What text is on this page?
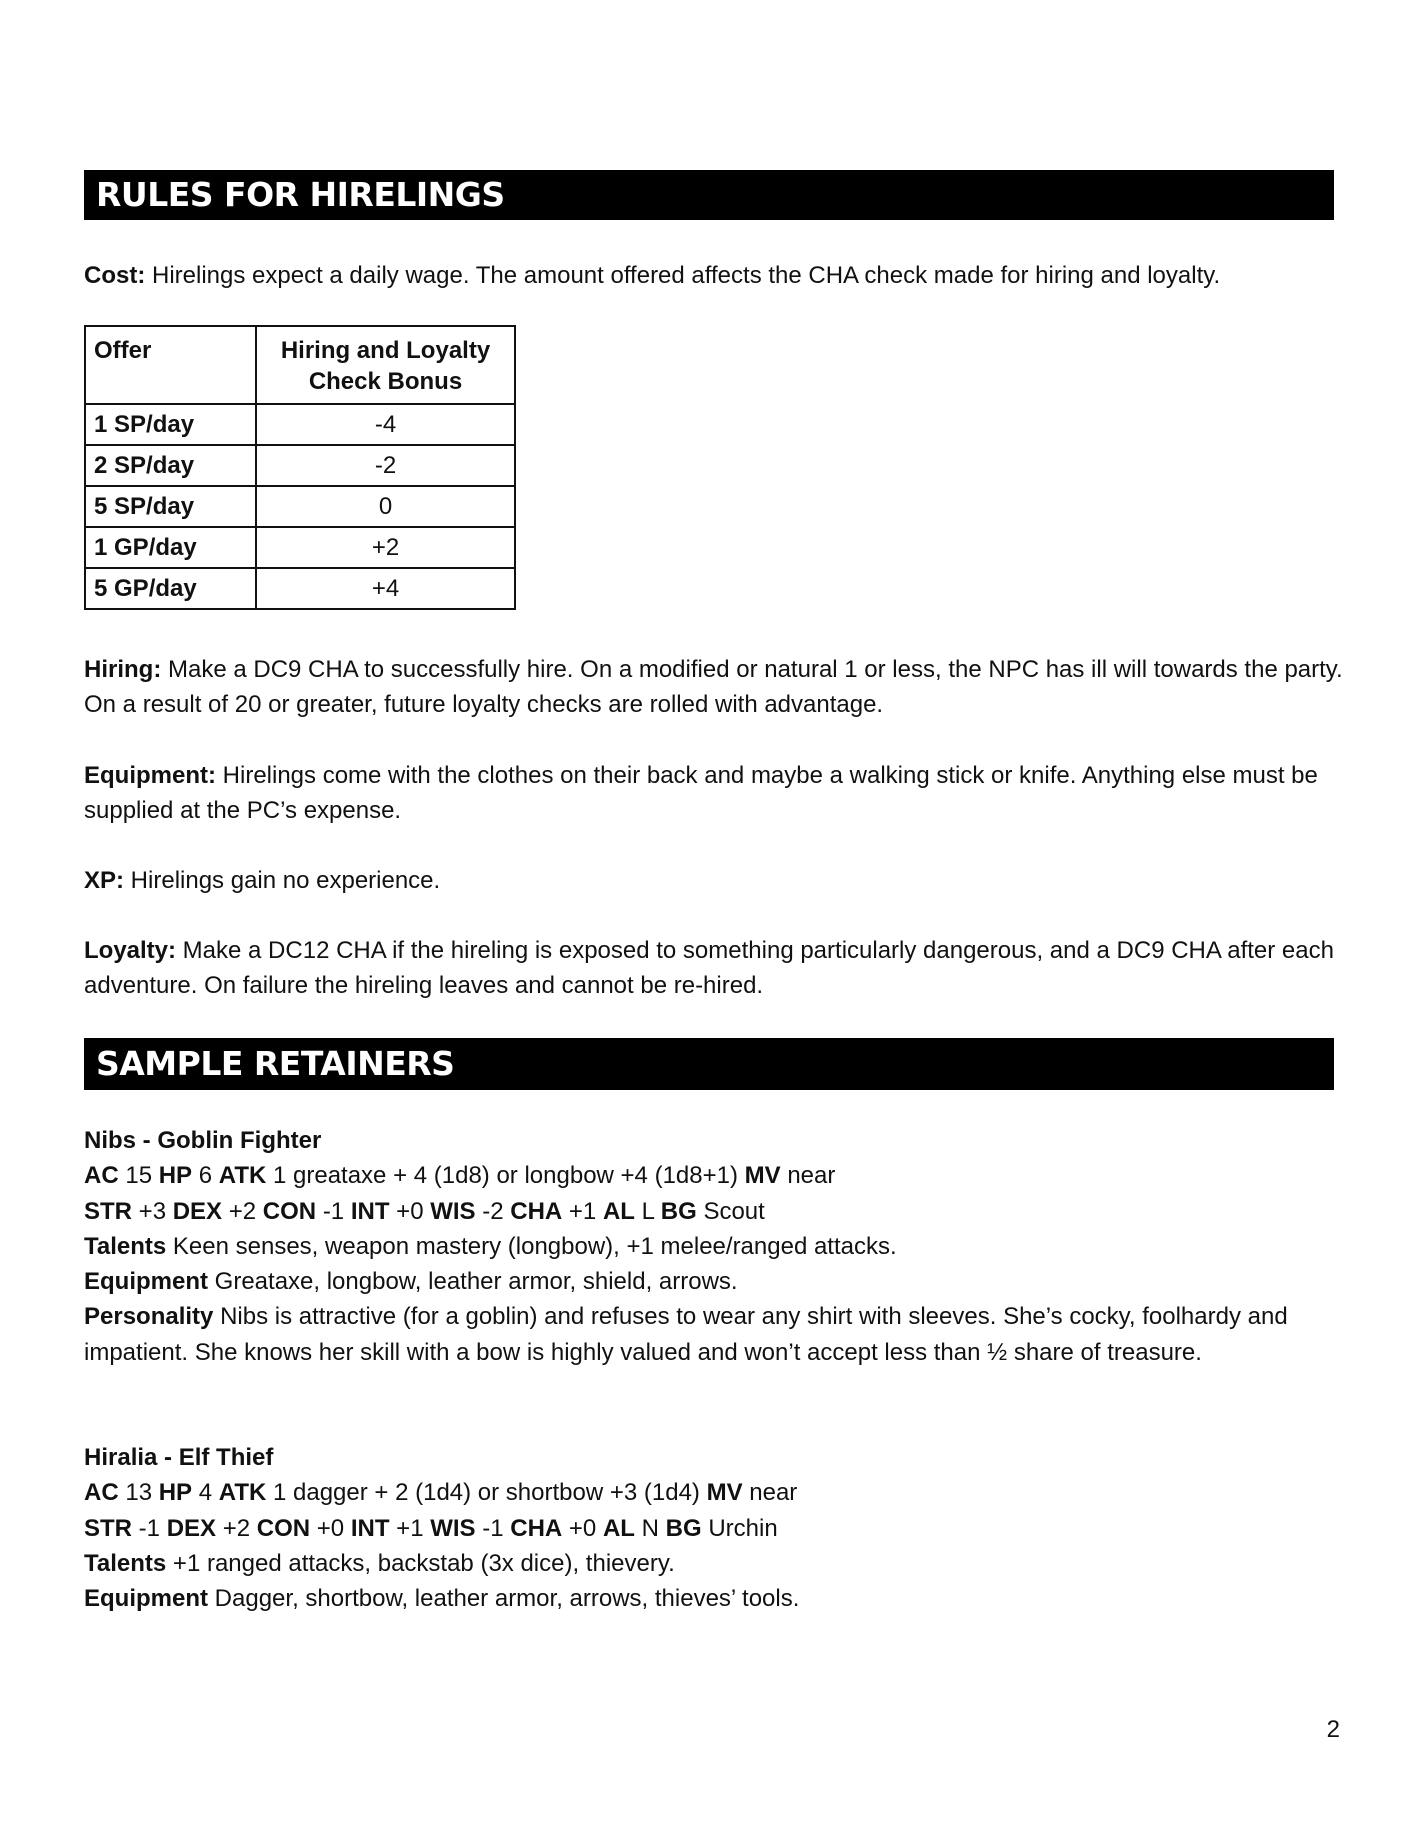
RULES FOR HIRELINGS

Cost: Hirelings expect a daily wage. The amount offered affects the CHA check made for hiring and loyalty.

Offer	Hiring and Loyalty Check Bonus
1 SP/day	-4
2 SP/day	-2
5 SP/day	0
1 GP/day	+2
5 GP/day	+4

Hiring: Make a DC9 CHA to successfully hire. On a modified or natural 1 or less, the NPC has ill will towards the party. On a result of 20 or greater, future loyalty checks are rolled with advantage.

Equipment: Hirelings come with the clothes on their back and maybe a walking stick or knife. Anything else must be supplied at the PC’s expense.

XP: Hirelings gain no experience.

Loyalty: Make a DC12 CHA if the hireling is exposed to something particularly dangerous, and a DC9 CHA after each adventure. On failure the hireling leaves and cannot be re-hired.

SAMPLE RETAINERS
Nibs - Goblin Fighter
AC 15 HP 6 ATK 1 greataxe + 4 (1d8) or longbow +4 (1d8+1) MV near
STR +3 DEX +2 CON -1 INT +0 WIS -2 CHA +1 AL L BG Scout
Talents Keen senses, weapon mastery (longbow), +1 melee/ranged attacks.
Equipment Greataxe, longbow, leather armor, shield, arrows.
Personality Nibs is attractive (for a goblin) and refuses to wear any shirt with sleeves. She’s cocky, foolhardy and impatient. She knows her skill with a bow is highly valued and won’t accept less than ½ share of treasure.
Hiralia - Elf Thief
AC 13 HP 4 ATK 1 dagger + 2 (1d4) or shortbow +3 (1d4) MV near
STR -1 DEX +2 CON +0 INT +1 WIS -1 CHA +0 AL N BG Urchin
Talents +1 ranged attacks, backstab (3x dice), thievery.
Equipment Dagger, shortbow, leather armor, arrows, thieves’ tools.
2
